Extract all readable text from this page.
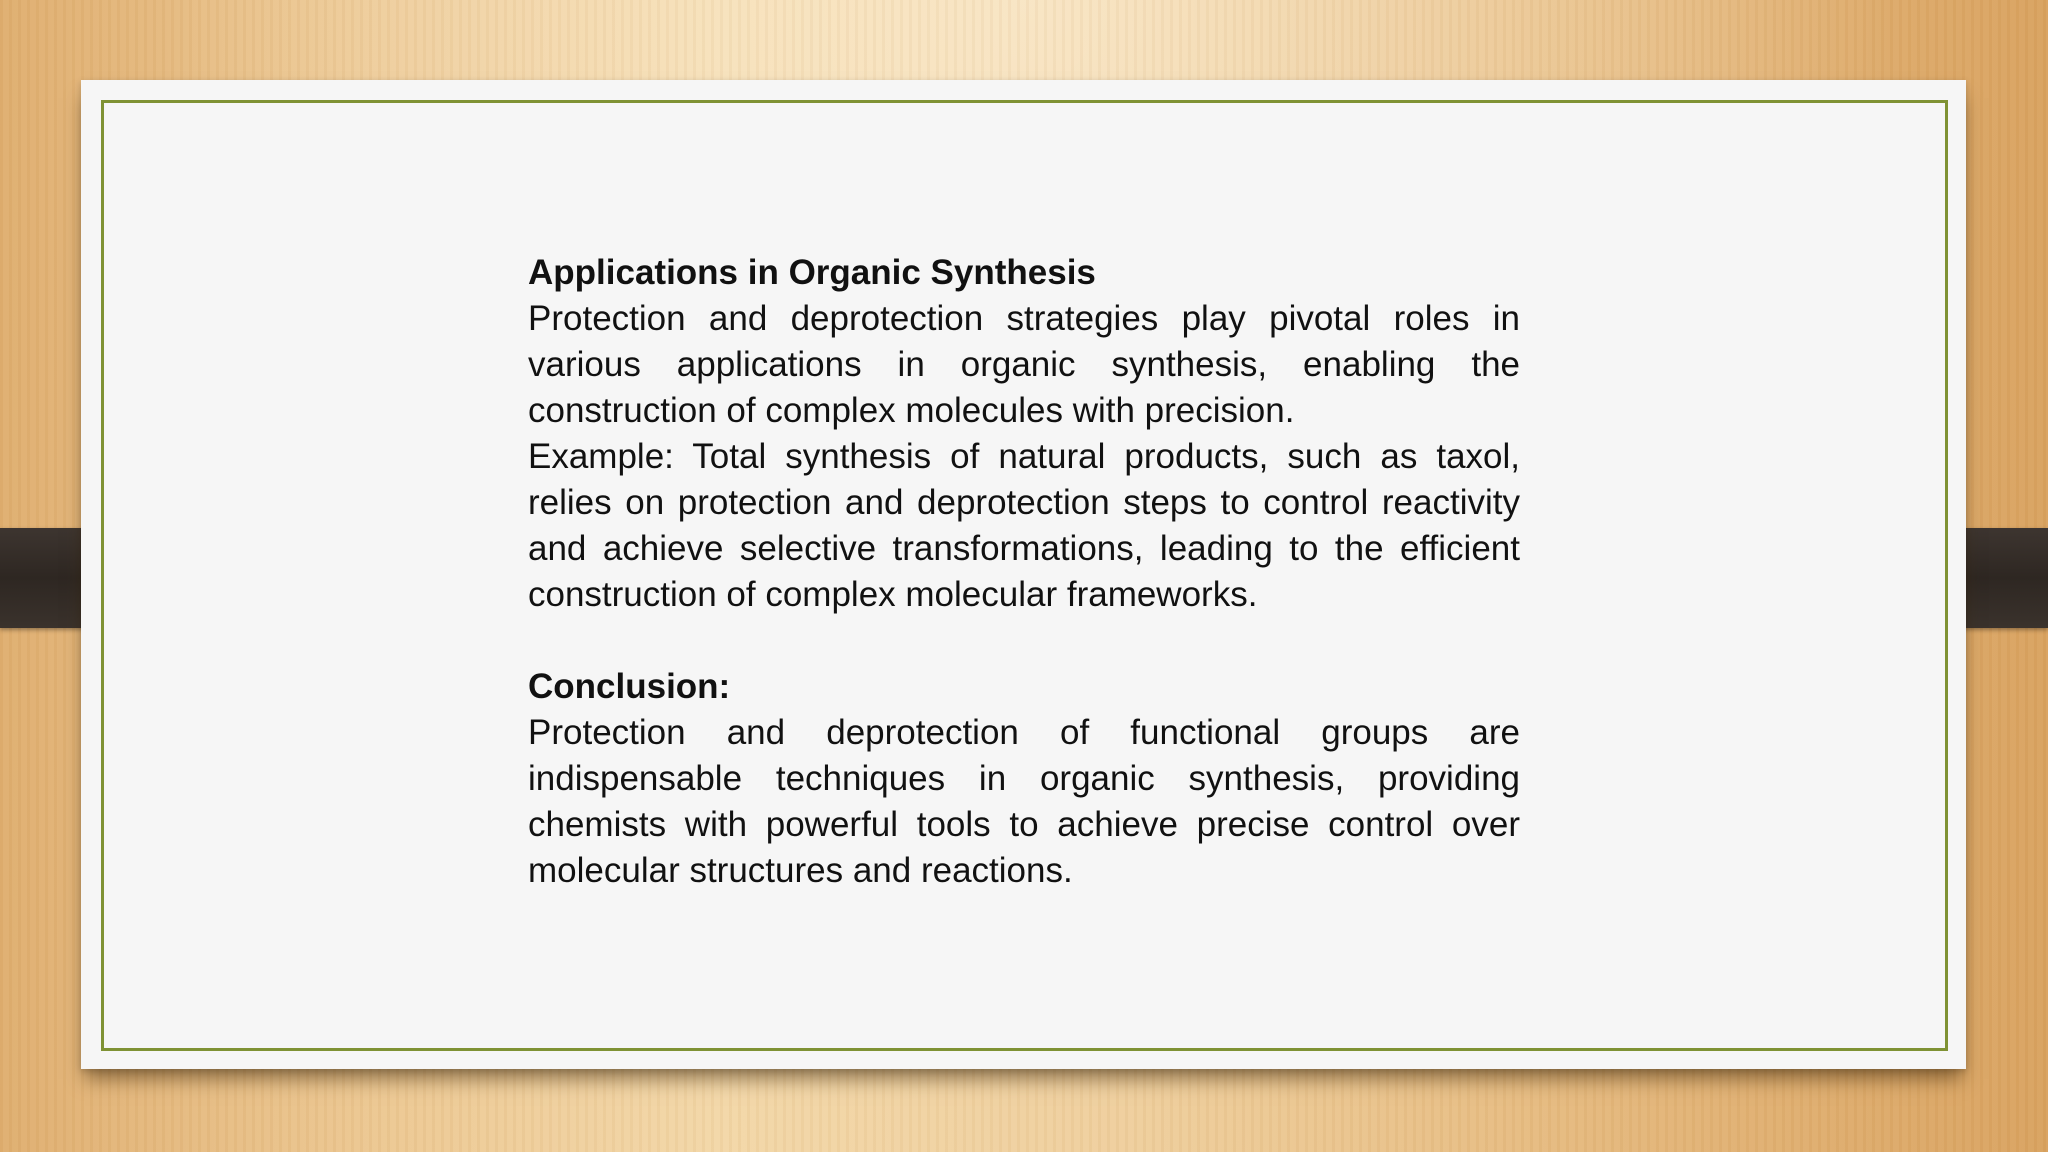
Applications in Organic Synthesis

Protection and deprotection strategies play pivotal roles in various applications in organic synthesis, enabling the construction of complex molecules with precision.

Example: Total synthesis of natural products, such as taxol, relies on protection and deprotection steps to control reactivity and achieve selective transformations, leading to the efficient construction of complex molecular frameworks.

Conclusion:

Protection and deprotection of functional groups are indispensable techniques in organic synthesis, providing chemists with powerful tools to achieve precise control over molecular structures and reactions.
